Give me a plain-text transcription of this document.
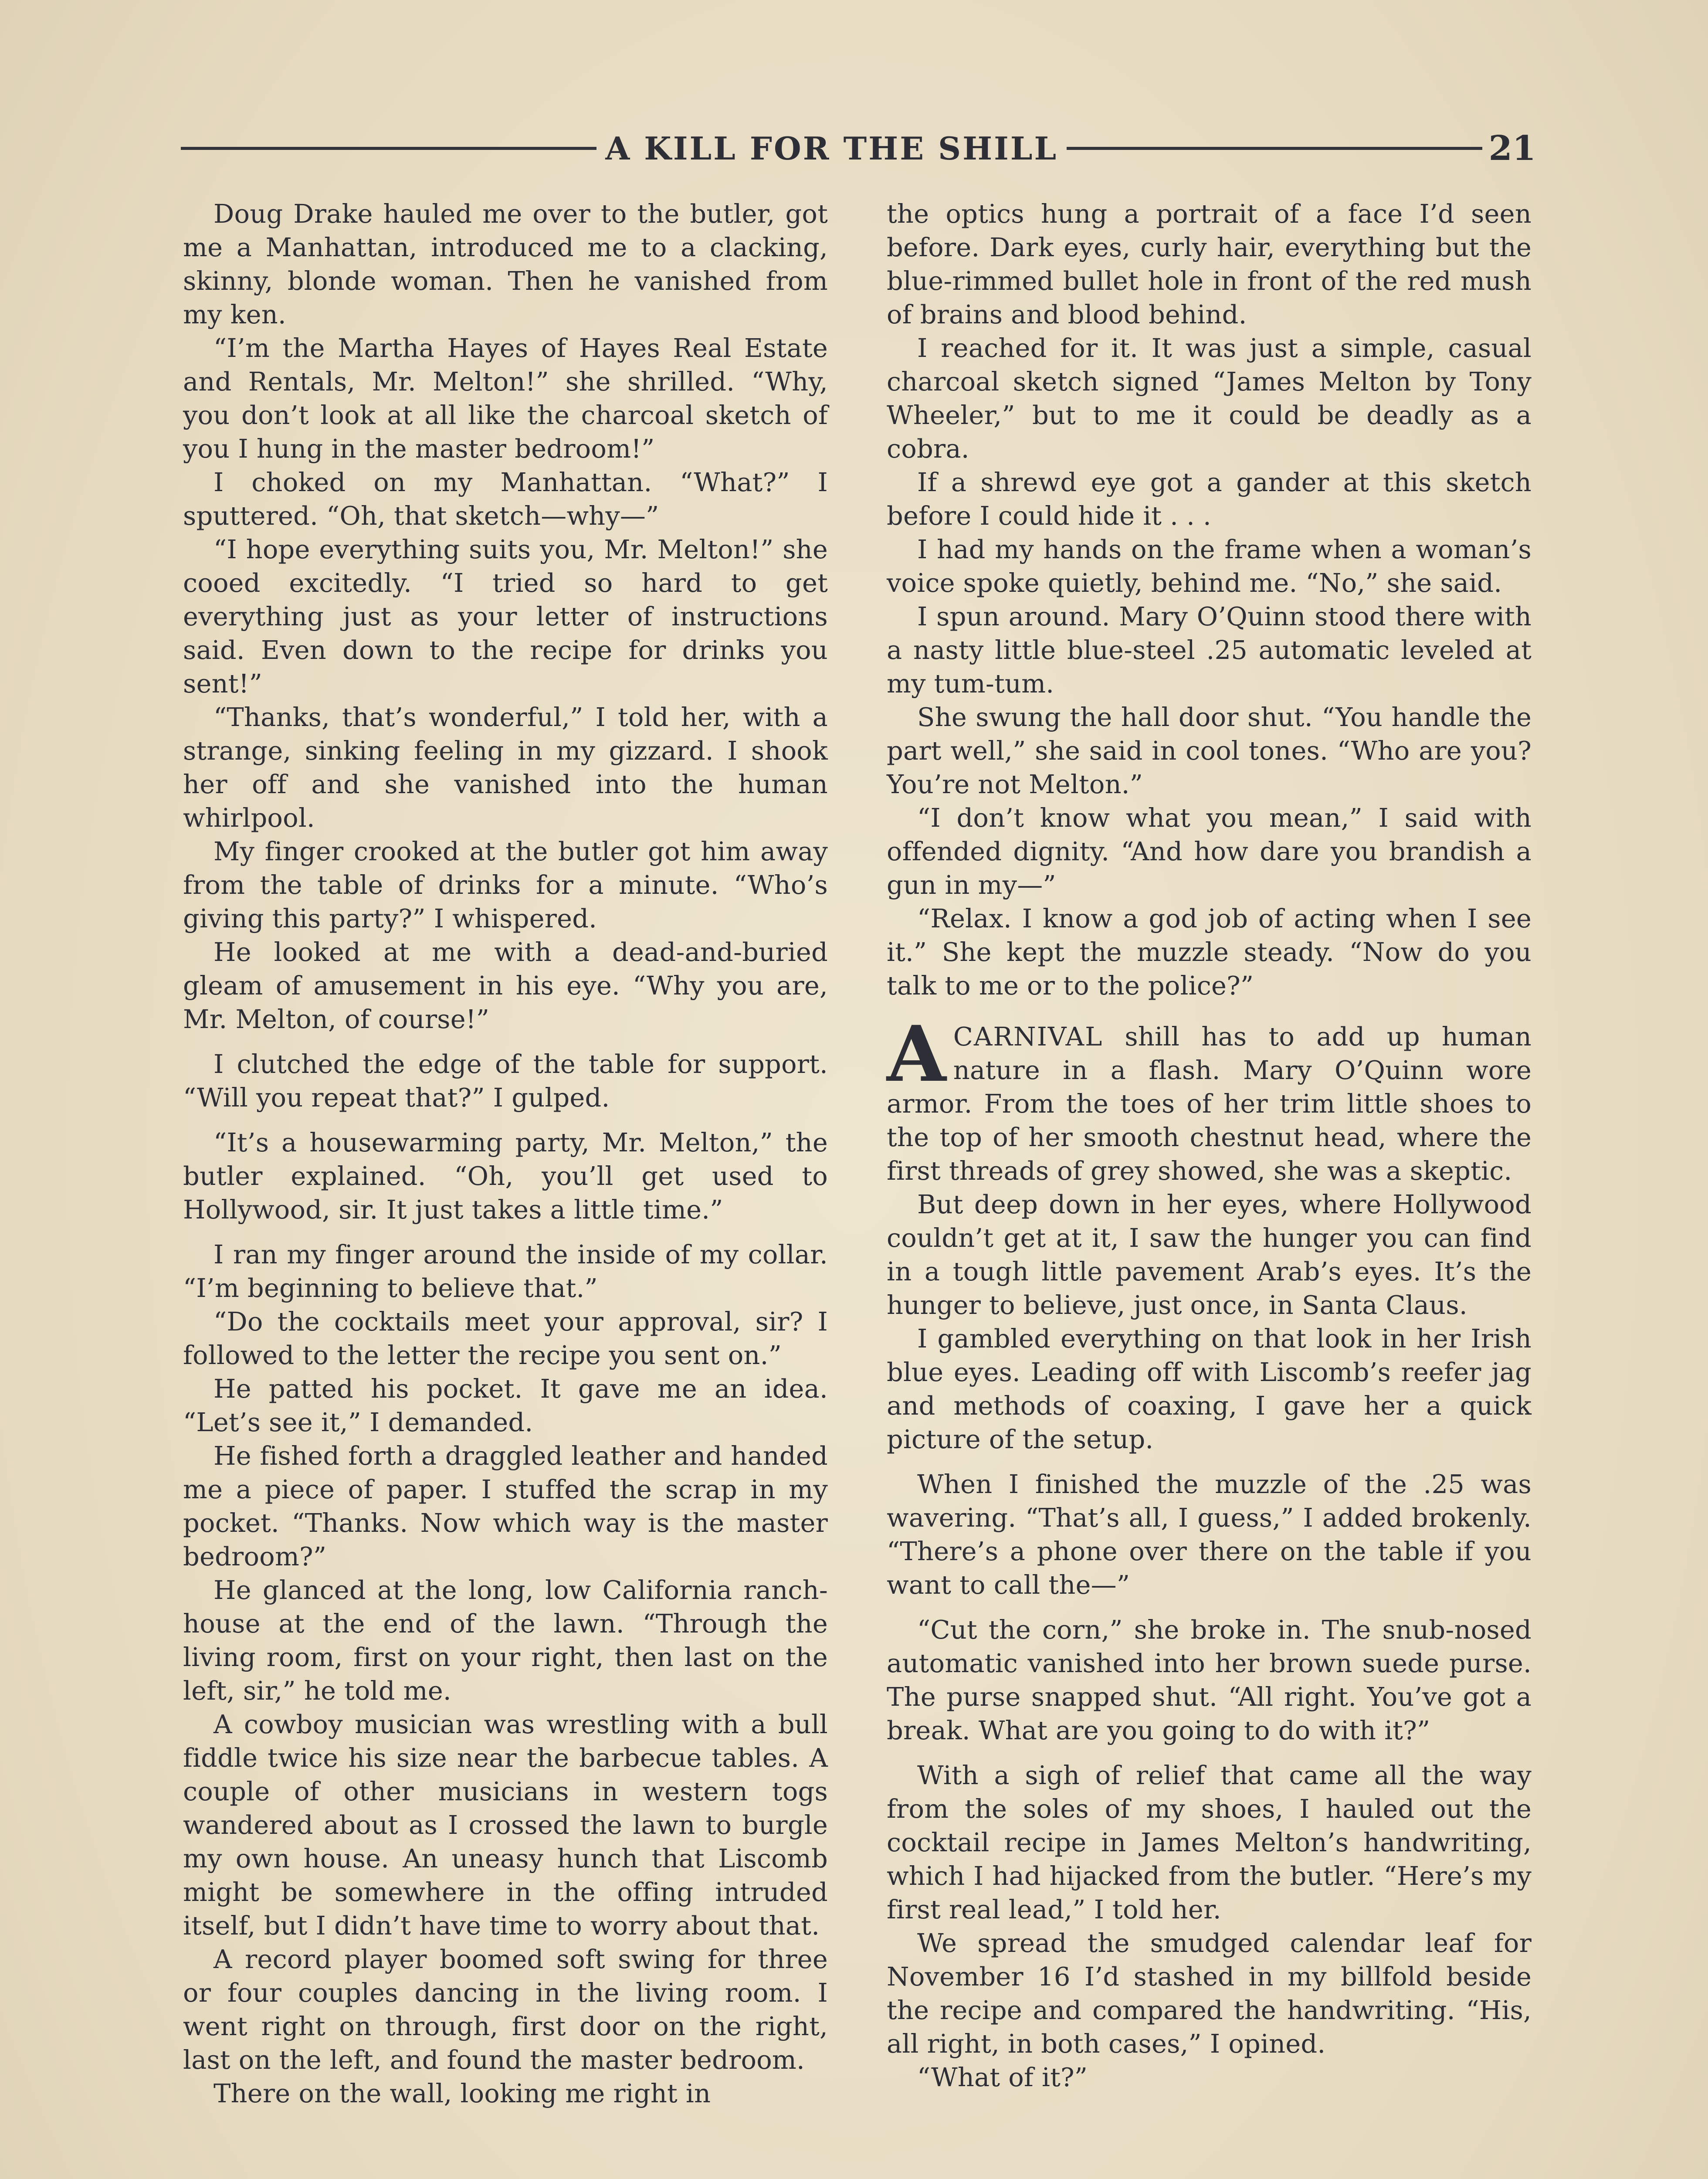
A KILL FOR THE SHILL	21

Doug Drake hauled me over to the butler, got me a Manhattan, introduced me to a clacking, skinny, blonde woman. Then he vanished from my ken.

“I’m the Martha Hayes of Hayes Real Estate and Rentals, Mr. Melton!” she shrilled. “Why, you don’t look at all like the charcoal sketch of you I hung in the master bedroom!”

I choked on my Manhattan. “What?” I sputtered. “Oh, that sketch—why—”

“I hope everything suits you, Mr. Melton!” she cooed excitedly. “I tried so hard to get everything just as your letter of instructions said. Even down to the recipe for drinks you sent!”

“Thanks, that’s wonderful,” I told her, with a strange, sinking feeling in my gizzard. I shook her off and she vanished into the human whirlpool.

My finger crooked at the butler got him away from the table of drinks for a minute. “Who’s giving this party?” I whispered.

He looked at me with a dead-and-buried gleam of amusement in his eye. “Why you are, Mr. Melton, of course!”

I clutched the edge of the table for support. “Will you repeat that?” I gulped.

“It’s a housewarming party, Mr. Melton,” the butler explained. “Oh, you’ll get used to Hollywood, sir. It just takes a little time.”

I ran my finger around the inside of my collar. “I’m beginning to believe that.”

“Do the cocktails meet your approval, sir? I followed to the letter the recipe you sent on.”

He patted his pocket. It gave me an idea. “Let’s see it,” I demanded.

He fished forth a draggled leather and handed me a piece of paper. I stuffed the scrap in my pocket. “Thanks. Now which way is the master bedroom?”

He glanced at the long, low California ranch-house at the end of the lawn. “Through the living room, first on your right, then last on the left, sir,” he told me.

A cowboy musician was wrestling with a bull fiddle twice his size near the barbecue tables. A couple of other musicians in western togs wandered about as I crossed the lawn to burgle my own house. An uneasy hunch that Liscomb might be somewhere in the offing intruded itself, but I didn’t have time to worry about that.

A record player boomed soft swing for three or four couples dancing in the living room. I went right on through, first door on the right, last on the left, and found the master bedroom.

There on the wall, looking me right in

the optics hung a portrait of a face I’d seen before. Dark eyes, curly hair, everything but the blue-rimmed bullet hole in front of the red mush of brains and blood behind.

I reached for it. It was just a simple, casual charcoal sketch signed “James Melton by Tony Wheeler,” but to me it could be deadly as a cobra.

If a shrewd eye got a gander at this sketch before I could hide it . . .

I had my hands on the frame when a woman’s voice spoke quietly, behind me. “No,” she said.

I spun around. Mary O’Quinn stood there with a nasty little blue-steel .25 automatic leveled at my tum-tum.

She swung the hall door shut. “You handle the part well,” she said in cool tones. “Who are you? You’re not Melton.”

“I don’t know what you mean,” I said with offended dignity. “And how dare you brandish a gun in my—”

“Relax. I know a god job of acting when I see it.” She kept the muzzle steady. “Now do you talk to me or to the police?”

ACARNIVAL shill has to add up human nature in a flash. Mary O’Quinn wore armor. From the toes of her trim little shoes to the top of her smooth chestnut head, where the first threads of grey showed, she was a skeptic.

But deep down in her eyes, where Hollywood couldn’t get at it, I saw the hunger you can find in a tough little pavement Arab’s eyes. It’s the hunger to believe, just once, in Santa Claus.

I gambled everything on that look in her Irish blue eyes. Leading off with Liscomb’s reefer jag and methods of coaxing, I gave her a quick picture of the setup.

When I finished the muzzle of the .25 was wavering. “That’s all, I guess,” I added brokenly. “There’s a phone over there on the table if you want to call the—”

“Cut the corn,” she broke in. The snub-nosed automatic vanished into her brown suede purse. The purse snapped shut. “All right. You’ve got a break. What are you going to do with it?”

With a sigh of relief that came all the way from the soles of my shoes, I hauled out the cocktail recipe in James Melton’s handwriting, which I had hijacked from the butler. “Here’s my first real lead,” I told her.

We spread the smudged calendar leaf for November 16 I’d stashed in my billfold beside the recipe and compared the handwriting. “His, all right, in both cases,” I opined.

“What of it?”
